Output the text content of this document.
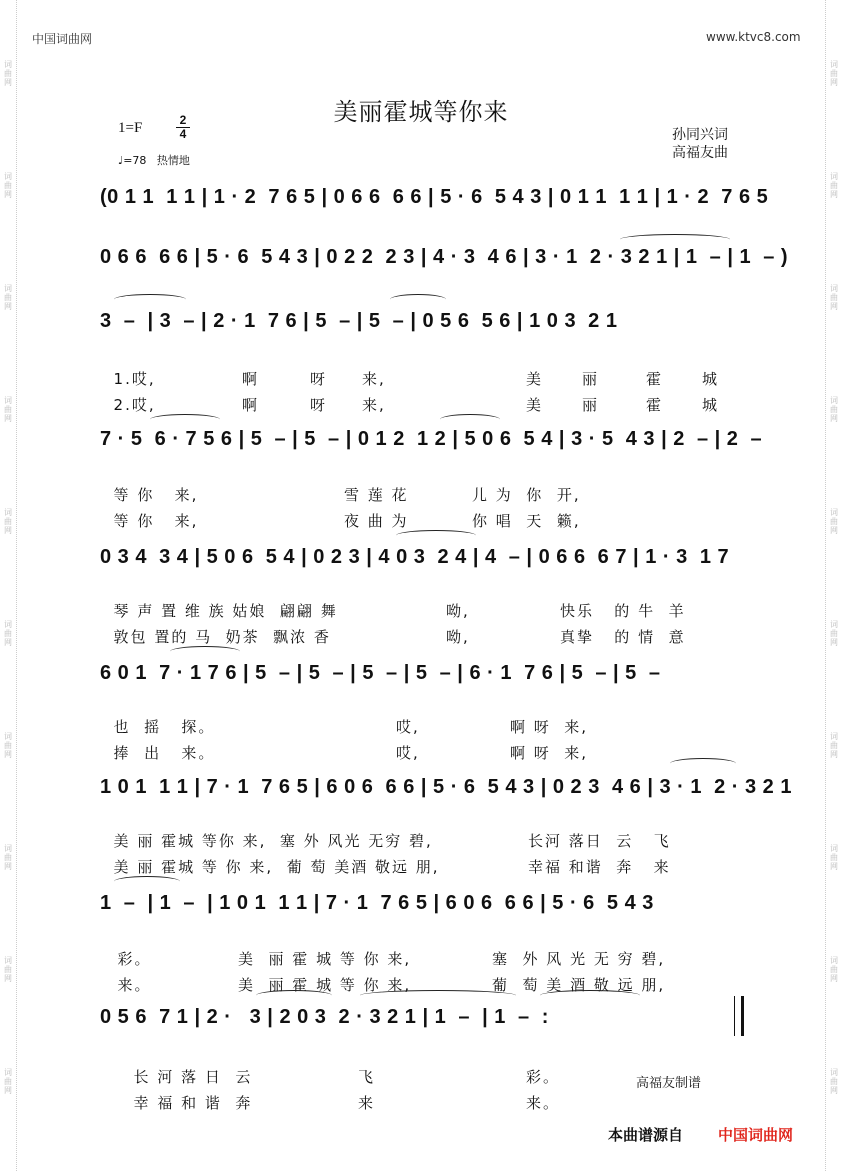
词曲网
词曲网
词曲网
词曲网
词曲网
词曲网
词曲网
词曲网
词曲网
词曲网
词曲网
词曲网
词曲网
词曲网
词曲网
词曲网
词曲网
词曲网
词曲网
词曲网
中国词曲网	www.ktvc8.com
美丽霍城等你来
1=F	2
4
♩=78 热情地
孙同兴词
高福友曲
(0 1 1  1 1 | 1 · 2  7 6 5 | 0 6 6  6 6 | 5 · 6  5 4 3 | 0 1 1  1 1 | 1 · 2  7 6 5
0 6 6  6 6 | 5 · 6  5 4 3 | 0 2 2  2 3 | 4 · 3  4 6 | 3 · 1  2 · 3 2 1 | 1  – | 1  – )
3  –  | 3  – | 2 · 1  7 6 | 5  – | 5  – | 0 5 6  5 6 | 1 0 3  2 1

1.哎,	啊	呀 来,	美	丽	霍	城

2.哎,	啊	呀 来,	美	丽	霍	城

7 · 5  6 · 7 5 6 | 5  – | 5  – | 0 1 2  1 2 | 5 0 6  5 4 | 3 · 5  4 3 | 2  – | 2  –

等 你   来,	雪 莲 花	儿 为  你  开,

等 你   来,	夜 曲 为	你 唱  天  籁,

0 3 4  3 4 | 5 0 6  5 4 | 0 2 3 | 4 0 3  2 4 | 4  – | 0 6 6  6 7 | 1 · 3  1 7

琴 声 置 维 族 姑娘  翩翩 舞	呦,	快乐   的 牛  羊

敦包 置的 马  奶茶  飘浓 香	呦,	真挚   的 情  意

6 0 1  7 · 1 7 6 | 5  – | 5  – | 5  – | 5  – | 6 · 1  7 6 | 5  – | 5  –

也  摇   探。	哎,	啊 呀  来,

捧  出   来。	哎,	啊 呀  来,

1 0 1  1 1 | 7 · 1  7 6 5 | 6 0 6  6 6 | 5 · 6  5 4 3 | 0 2 3  4 6 | 3 · 1  2 · 3 2 1

美 丽 霍城 等你 来,  塞 外 风光 无穷 碧,	长河 落日  云   飞

美 丽 霍城 等 你 来,  葡 萄 美酒 敬远 朋,	幸福 和谐  奔   来

1  –  | 1  –  | 1 0 1  1 1 | 7 · 1  7 6 5 | 6 0 6  6 6 | 5 · 6  5 4 3

彩。	美  丽 霍 城 等 你 来,	塞  外 风 光 无 穷 碧,

来。	美  丽 霍 城 等 你 来,	葡  萄 美 酒 敬 远 朋,

0 5 6  7 1 | 2 ·   3 | 2 0 3  2 · 3 2 1 | 1  –  | 1  –  :

长 河 落 日  云	飞	彩。

幸 福 和 谐  奔	来	来。

高福友制谱
本曲谱源自 中国词曲网
